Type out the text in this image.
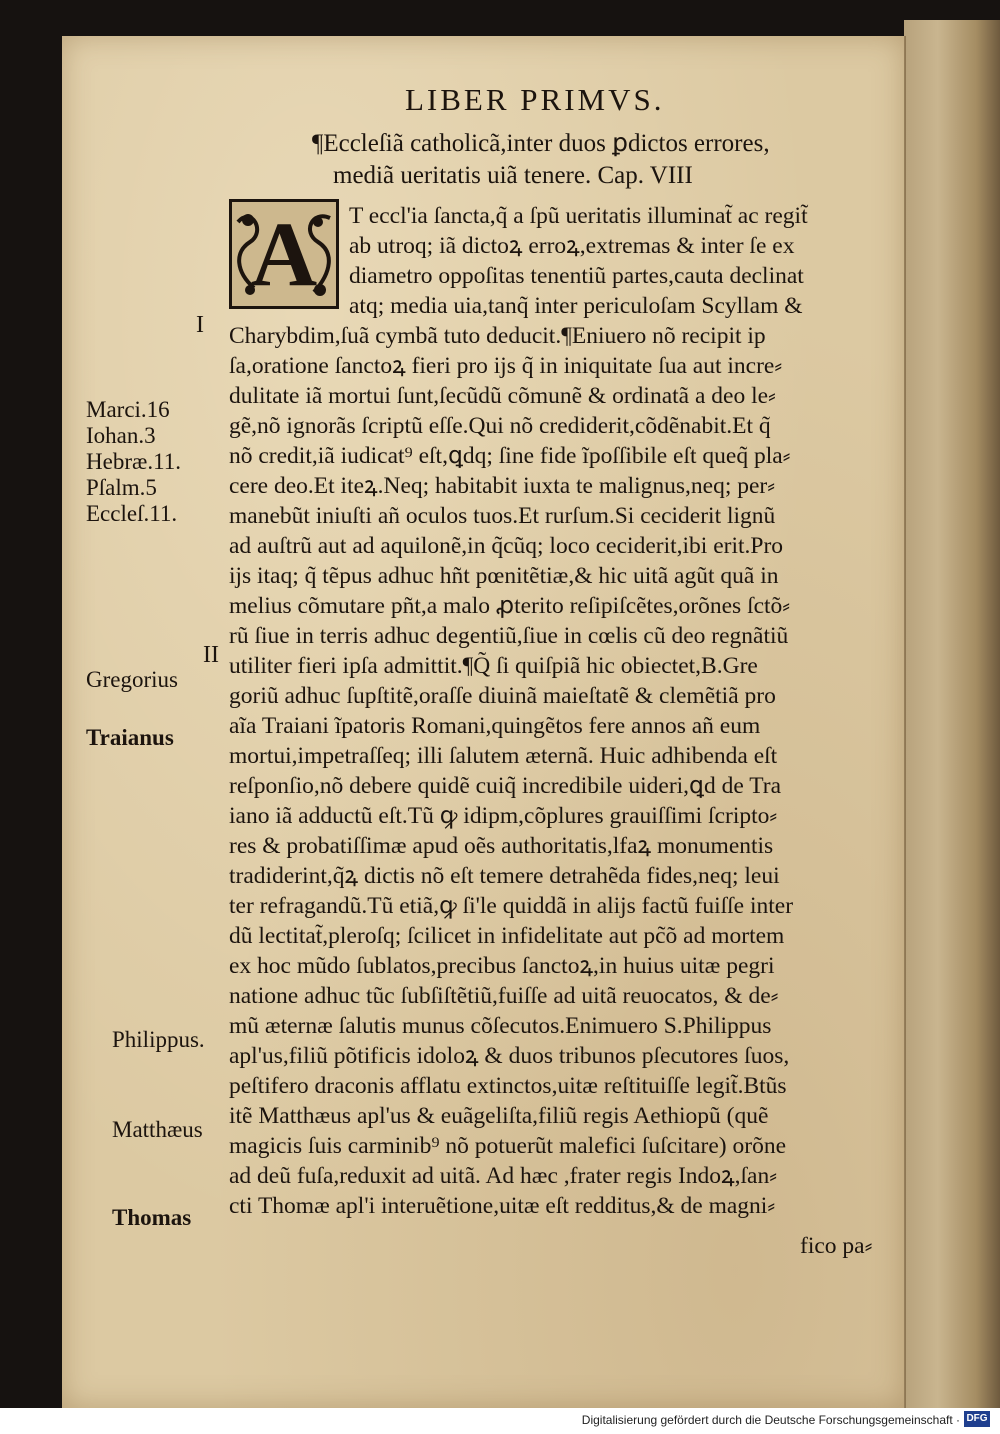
LIBER PRIMVS.
¶Eccleſiã catholicã,inter duos ꝑdictos errores,
mediã ueritatis uiã tenere. Cap. VIII
A	T eccl'ia ſancta,q̃ a ſpũ ueritatis illuminat̃ ac regit̃
ab utroq; iã dictoꝝ erroꝝ,extremas & inter ſe ex
diametro oppoſitas tenentiũ partes,cauta declinat
atq; media uia,tanq̃ inter periculoſam Scyllam &
Charybdim,ſuã cymbã tuto deducit.¶Eniuero nõ recipit ip
ſa,oratione ſanctoꝝ fieri pro ĳs q̃ in iniquitate ſua aut incre⸗
dulitate iã mortui ſunt,ſecũdũ cõmunẽ & ordinatã a deo le⸗
gẽ,nõ ignorãs ſcriptũ eſſe.Qui nõ crediderit,cõdẽnabit.Et q̃
nõ credit,iã iudicat⁹ eſt,ꝗdq; ſine fide ĩpoſſibile eſt queq̃ pla⸗
cere deo.Et iteꝝ.Neq; habitabit iuxta te malignus,neq; per⸗
manebũt iniuſti añ oculos tuos.Et rurſum.Si ceciderit lignũ
ad auſtrũ aut ad aquilonẽ,in q̃cũq; loco ceciderit,ibi erit.Pro
ĳs itaq; q̃ tẽpus adhuc hñt pœnitẽtiæ,& hic uitã agũt quã in
melius cõmutare pñt,a malo ꝓterito reſipiſcẽtes,orõnes ſctõ⸗
rũ ſiue in terris adhuc degentiũ,ſiue in cœlis cũ deo regnãtiũ
utiliter fieri ipſa admittit.¶Q̃ ſi quiſpiã hic obiectet,B.Gre
goriũ adhuc ſupſtitẽ,oraſſe diuinã maieſtatẽ & clemẽtiã pro
aĩa Traiani ĩpatoris Romani,quingẽtos fere annos añ eum
mortui,impetraſſeq; illi ſalutem æternã. Huic adhibenda eſt
reſponſio,nõ debere quidẽ cuiq̃ incredibile uideri,ꝗd de Tra
iano iã adductũ eſt.Tũ ꝙ idipm,cõplures grauiſſimi ſcripto⸗
res & probatiſſimæ apud oẽs authoritatis,lfaꝝ monumentis
tradiderint,q̃ꝝ dictis nõ eſt temere detrahẽda fides,neq; leui
ter refragandũ.Tũ etiã,ꝙ ſi'le quiddã in alĳs factũ fuiſſe inter
dũ lectitat̃,pleroſq; ſcilicet in infidelitate aut pc̃õ ad mortem
ex hoc mũdo ſublatos,precibus ſanctoꝝ,in huius uitæ pegri
natione adhuc tũc ſubſiſtẽtiũ,fuiſſe ad uitã reuocatos, & de⸗
mũ æternæ ſalutis munus cõſecutos.Enimuero S.Philippus
apl'us,filiũ põtificis idoloꝝ & duos tribunos pſecutores ſuos,
peſtifero draconis afflatu extinctos,uitæ reſtituiſſe legit̃.Btũs
itẽ Matthæus apl'us & euãgeliſta,filiũ regis Aethiopũ (quẽ
magicis ſuis carminib⁹ nõ potuerũt malefici ſuſcitare) orõne
ad deũ fuſa,reduxit ad uitã. Ad hæc ,frater regis Indoꝝ,ſan⸗
cti Thomæ apl'i interuẽtione,uitæ eſt redditus,& de magni⸗
fico pa⸗
I
II
Marci.16
Iohan.3
Hebræ.11.
Pſalm.5
Eccleſ.11.
Gregorius
Traianus
Philippus.
Matthæus
Thomas
Digitalisierung gefördert durch die Deutsche Forschungsgemeinschaft · DFG
